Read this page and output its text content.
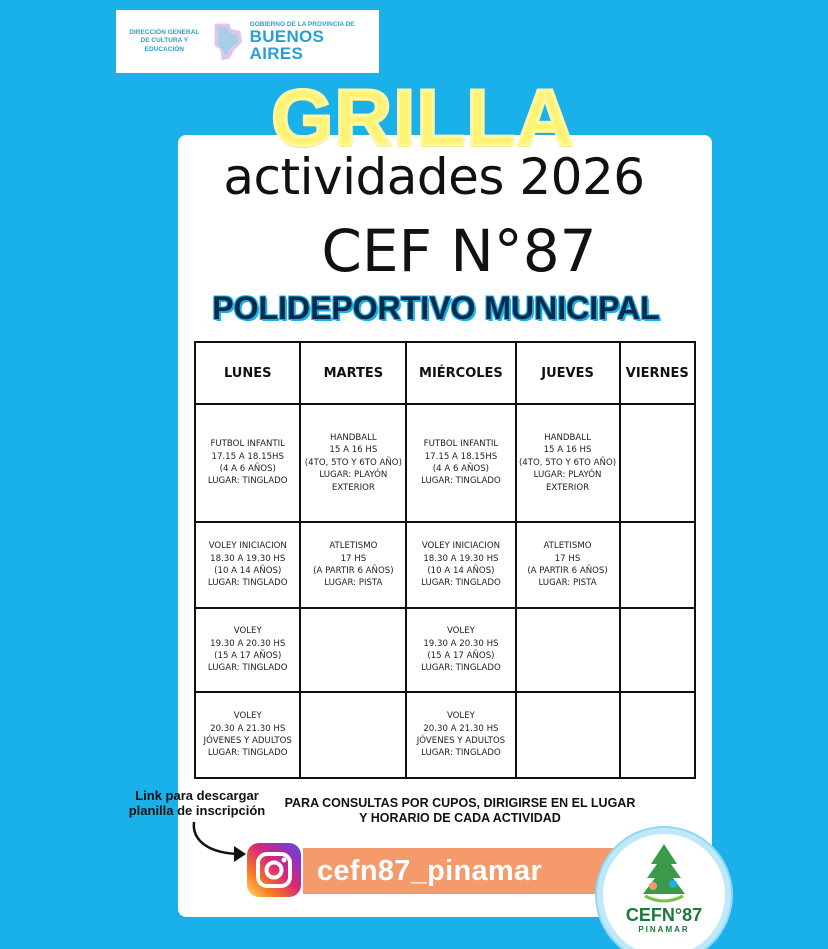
DIRECCIÓN GENERAL DE CULTURA Y EDUCACIÓN
GOBIERNO DE LA PROVINCIA DE
BUENOS AIRES
GRILLA
actividades 2026
CEF N°87
POLIDEPORTIVO MUNICIPAL
LUNES	MARTES	MIÉRCOLES	JUEVES	VIERNES

FUTBOL INFANTIL
17.15 A 18.15HS
(4 A 6 AÑOS)
LUGAR: TINGLADO	HANDBALL
15 A 16 HS
(4TO, 5TO Y 6TO AÑO)
LUGAR: PLAYÓN
EXTERIOR	FUTBOL INFANTIL
17.15 A 18.15HS
(4 A 6 AÑOS)
LUGAR: TINGLADO	HANDBALL
15 A 16 HS
(4TO, 5TO Y 6TO AÑO)
LUGAR: PLAYÓN
EXTERIOR	

VOLEY INICIACION
18.30 A 19.30 HS
(10 A 14 AÑOS)
LUGAR: TINGLADO	ATLETISMO
17 HS
(A PARTIR 6 AÑOS)
LUGAR: PISTA	VOLEY INICIACION
18.30 A 19.30 HS
(10 A 14 AÑOS)
LUGAR: TINGLADO	ATLETISMO
17 HS
(A PARTIR 6 AÑOS)
LUGAR: PISTA	

VOLEY
19.30 A 20.30 HS
(15 A 17 AÑOS)
LUGAR: TINGLADO		VOLEY
19.30 A 20.30 HS
(15 A 17 AÑOS)
LUGAR: TINGLADO		

VOLEY
20.30 A 21.30 HS
JÓVENES Y ADULTOS
LUGAR: TINGLADO		VOLEY
20.30 A 21.30 HS
JÓVENES Y ADULTOS
LUGAR: TINGLADO		

Link para descargar planilla de inscripción	PARA CONSULTAS POR CUPOS, DIRIGIRSE EN EL LUGAR Y HORARIO DE CADA ACTIVIDAD
cefn87_pinamar
CEFN°87
PINAMAR
